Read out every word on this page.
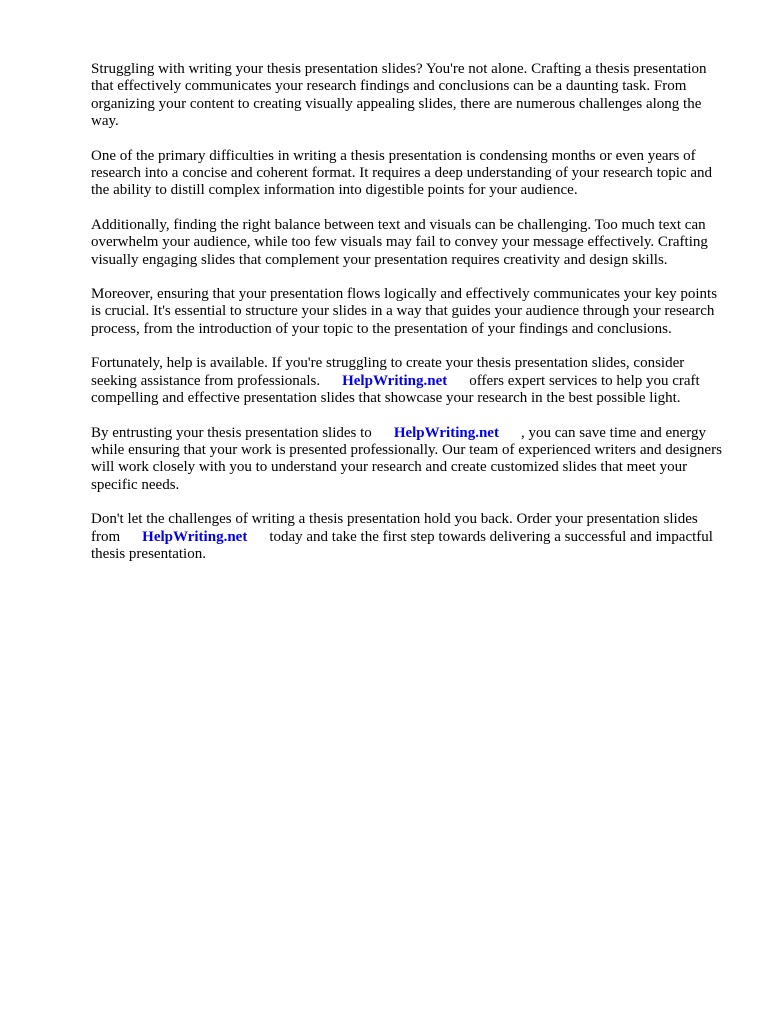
Struggling with writing your thesis presentation slides? You're not alone. Crafting a thesis presentation that effectively communicates your research findings and conclusions can be a daunting task. From organizing your content to creating visually appealing slides, there are numerous challenges along the way.

One of the primary difficulties in writing a thesis presentation is condensing months or even years of research into a concise and coherent format. It requires a deep understanding of your research topic and the ability to distill complex information into digestible points for your audience.

Additionally, finding the right balance between text and visuals can be challenging. Too much text can overwhelm your audience, while too few visuals may fail to convey your message effectively. Crafting visually engaging slides that complement your presentation requires creativity and design skills.

Moreover, ensuring that your presentation flows logically and effectively communicates your key points is crucial. It's essential to structure your slides in a way that guides your audience through your research process, from the introduction of your topic to the presentation of your findings and conclusions.

Fortunately, help is available. If you're struggling to create your thesis presentation slides, consider seeking assistance from professionals. HelpWriting.net offers expert services to help you craft compelling and effective presentation slides that showcase your research in the best possible light.

By entrusting your thesis presentation slides to HelpWriting.net , you can save time and energy while ensuring that your work is presented professionally. Our team of experienced writers and designers will work closely with you to understand your research and create customized slides that meet your specific needs.

Don't let the challenges of writing a thesis presentation hold you back. Order your presentation slides from HelpWriting.net today and take the first step towards delivering a successful and impactful thesis presentation.
